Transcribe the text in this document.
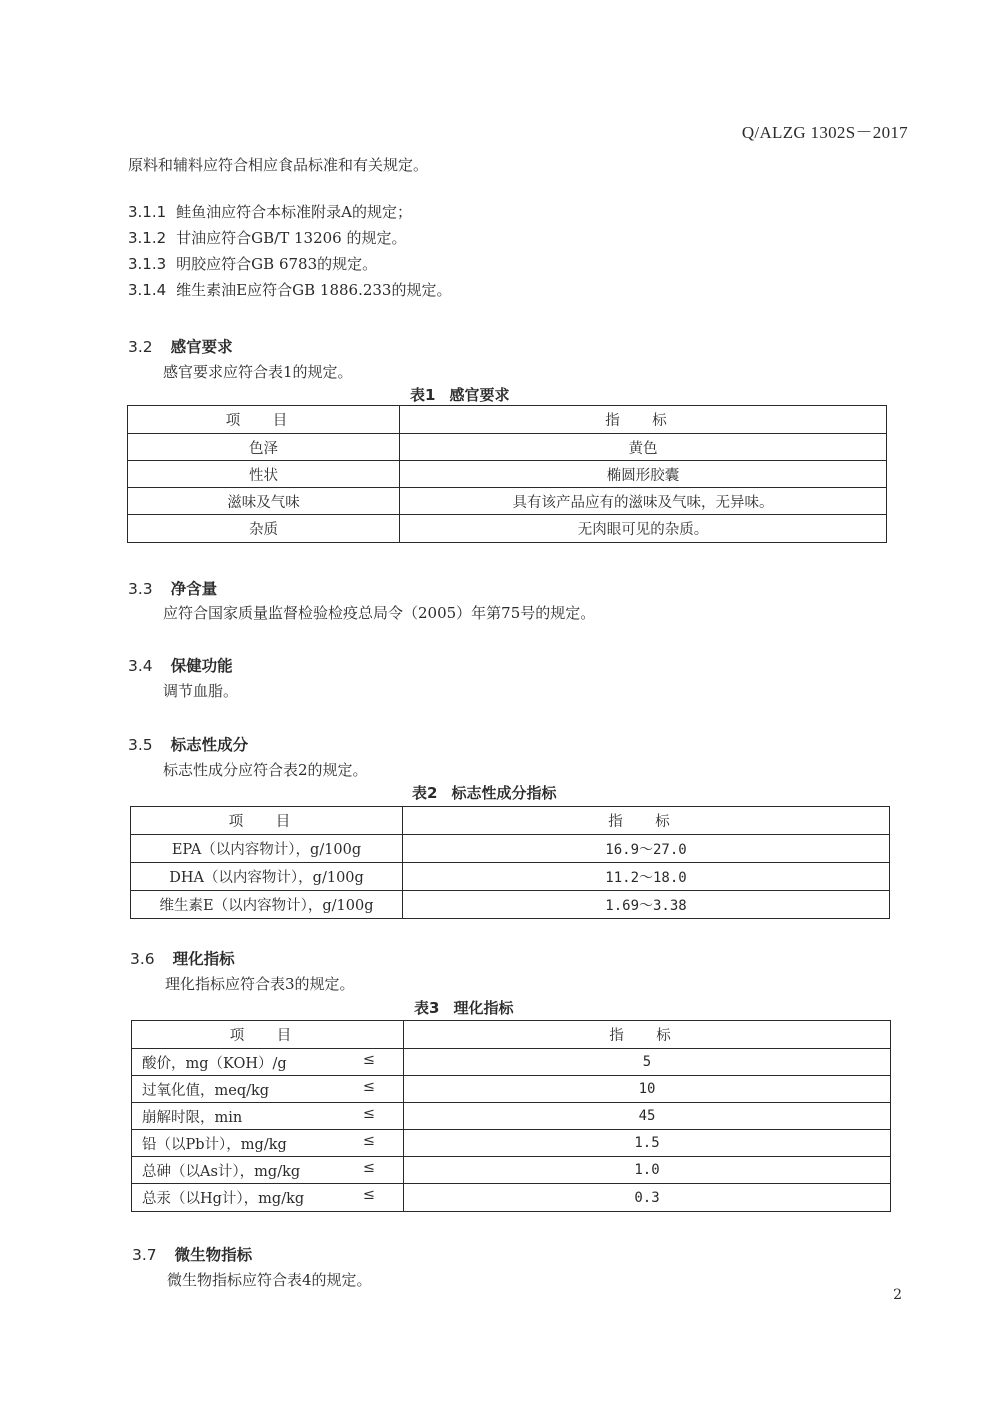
Q/ALZG 1302S－2017
原料和辅料应符合相应食品标准和有关规定。
3.1.1 鲑鱼油应符合本标准附录A的规定；
3.1.2 甘油应符合GB/T 13206 的规定。
3.1.3 明胶应符合GB 6783的规定。
3.1.4 维生素油E应符合GB 1886.233的规定。
3.2 感官要求
感官要求应符合表1的规定。
表1 感官要求
项 目	指 标
色泽	黄色
性状	椭圆形胶囊
滋味及气味	具有该产品应有的滋味及气味，无异味。
杂质	无肉眼可见的杂质。
3.3 净含量
应符合国家质量监督检验检疫总局令（2005）年第75号的规定。
3.4 保健功能
调节血脂。
3.5 标志性成分
标志性成分应符合表2的规定。
表2 标志性成分指标
项 目	指 标
EPA（以内容物计），g/100g	16.9～27.0
DHA（以内容物计），g/100g	11.2～18.0
维生素E（以内容物计），g/100g	1.69～3.38
3.6 理化指标
理化指标应符合表3的规定。
表3 理化指标
项 目	指 标
酸价，mg（KOH）/g ≤	5
过氧化值，meq/kg ≤	10
崩解时限，min ≤	45
铅（以Pb计），mg/kg ≤	1.5
总砷（以As计），mg/kg ≤	1.0
总汞（以Hg计），mg/kg ≤	0.3
3.7 微生物指标
微生物指标应符合表4的规定。
2
